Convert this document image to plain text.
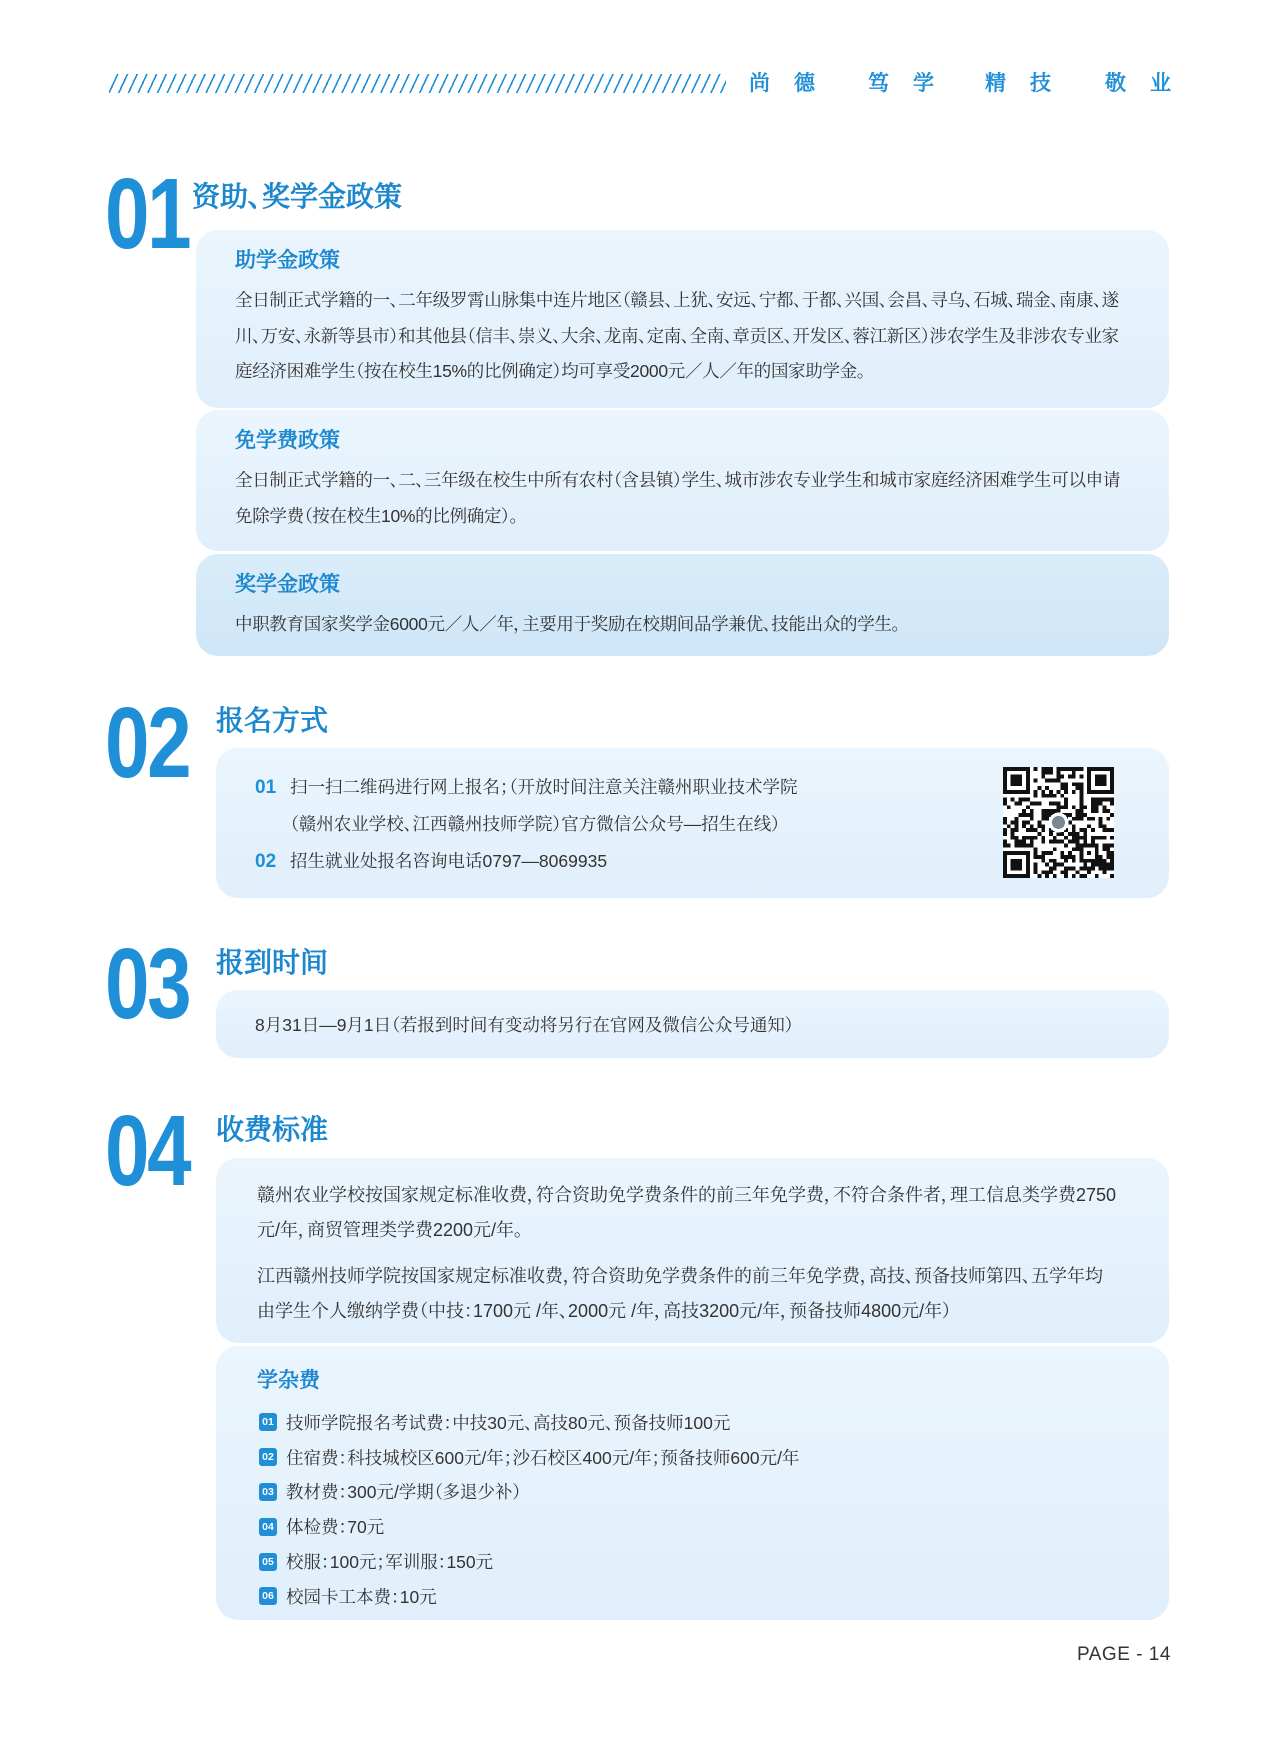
尚德 笃学 精技 敬业
01 资助、奖学金政策
助学金政策

全日制正式学籍的一、二年级罗霄山脉集中连片地区（赣县、上犹、安远、宁都、于都、兴国、会昌、寻乌、石城、瑞金、南康、遂川、万安、永新等县市）和其他县（信丰、崇义、大余、龙南、定南、全南、章贡区、开发区、蓉江新区）涉农学生及非涉农专业家庭经济困难学生（按在校生15%的比例确定）均可享受2000元／人／年的国家助学金。

免学费政策

全日制正式学籍的一、二、三年级在校生中所有农村（含县镇）学生、城市涉农专业学生和城市家庭经济困难学生可以申请免除学费（按在校生10%的比例确定）。

奖学金政策

中职教育国家奖学金6000元／人／年，主要用于奖励在校期间品学兼优、技能出众的学生。

02 报名方式
01 扫一扫二维码进行网上报名；（开放时间注意关注赣州职业技术学院
（赣州农业学校、江西赣州技师学院）官方微信公众号—招生在线）
02 招生就业处报名咨询电话0797—8069935
03 报到时间
8月31日—9月1日（若报到时间有变动将另行在官网及微信公众号通知）
04 收费标准

赣州农业学校按国家规定标准收费，符合资助免学费条件的前三年免学费，不符合条件者，理工信息类学费2750元/年，商贸管理类学费2200元/年。

江西赣州技师学院按国家规定标准收费，符合资助免学费条件的前三年免学费，高技、预备技师第四、五学年均由学生个人缴纳学费（中技：1700元 /年、2000元 /年，高技3200元/年，预备技师4800元/年）

学杂费
01 技师学院报名考试费：中技30元、高技80元、预备技师100元
02 住宿费：科技城校区600元/年；沙石校区400元/年；预备技师600元/年
03 教材费：300元/学期（多退少补）
04 体检费：70元
05 校服：100元；军训服：150元
06 校园卡工本费：10元
PAGE - 14
